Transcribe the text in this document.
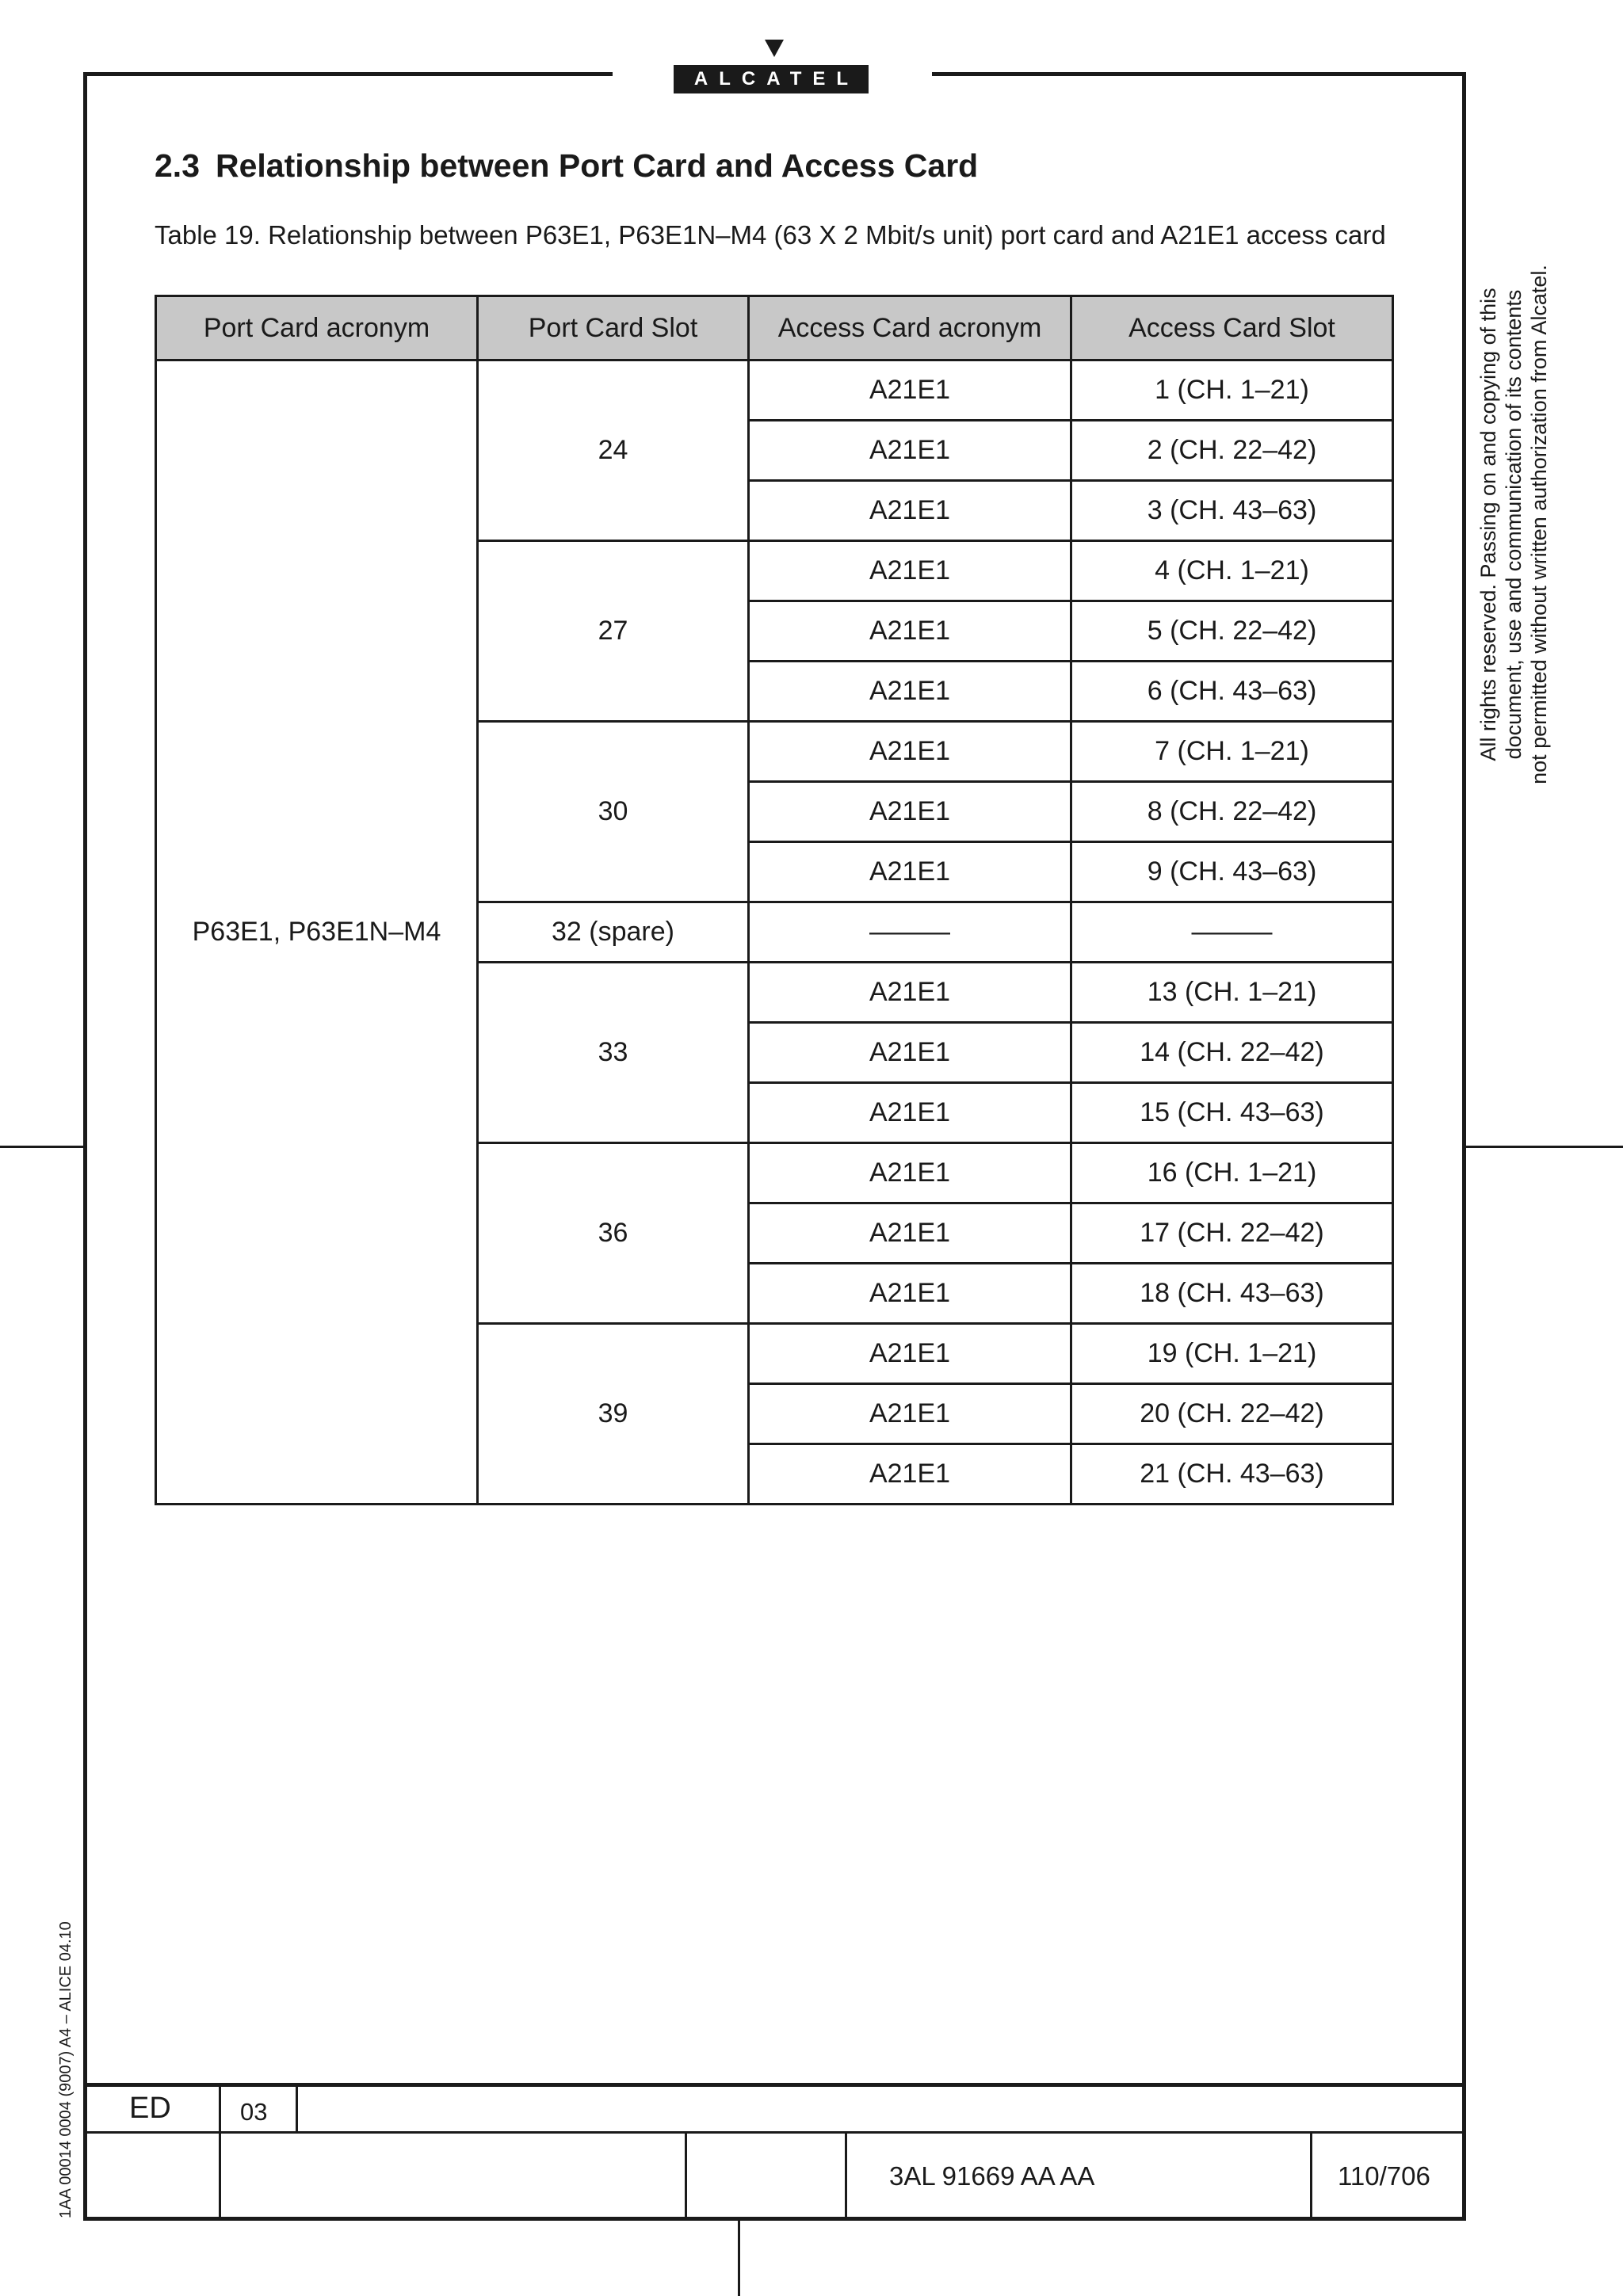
ALCATEL
2.3 Relationship between Port Card and Access Card
Table 19. Relationship between P63E1, P63E1N–M4 (63 X 2 Mbit/s unit) port card and A21E1 access card
Port Card acronym	Port Card Slot	Access Card acronym	Access Card Slot
P63E1, P63E1N–M4	24	A21E1	1 (CH. 1–21)
		A21E1	2 (CH. 22–42)
		A21E1	3 (CH. 43–63)
	27	A21E1	4 (CH. 1–21)
		A21E1	5 (CH. 22–42)
		A21E1	6 (CH. 43–63)
	30	A21E1	7 (CH. 1–21)
		A21E1	8 (CH. 22–42)
		A21E1	9 (CH. 43–63)
	32 (spare)	———	———
	33	A21E1	13 (CH. 1–21)
		A21E1	14 (CH. 22–42)
		A21E1	15 (CH. 43–63)
	36	A21E1	16 (CH. 1–21)
		A21E1	17 (CH. 22–42)
		A21E1	18 (CH. 43–63)
	39	A21E1	19 (CH. 1–21)
		A21E1	20 (CH. 22–42)
		A21E1	21 (CH. 43–63)
All rights reserved. Passing on and copying of this document, use and communication of its contents not permitted without written authorization from Alcatel.
1AA 00014 0004 (9007) A4 – ALICE 04.10 ED	03
3AL 91669 AA AA	110/706
